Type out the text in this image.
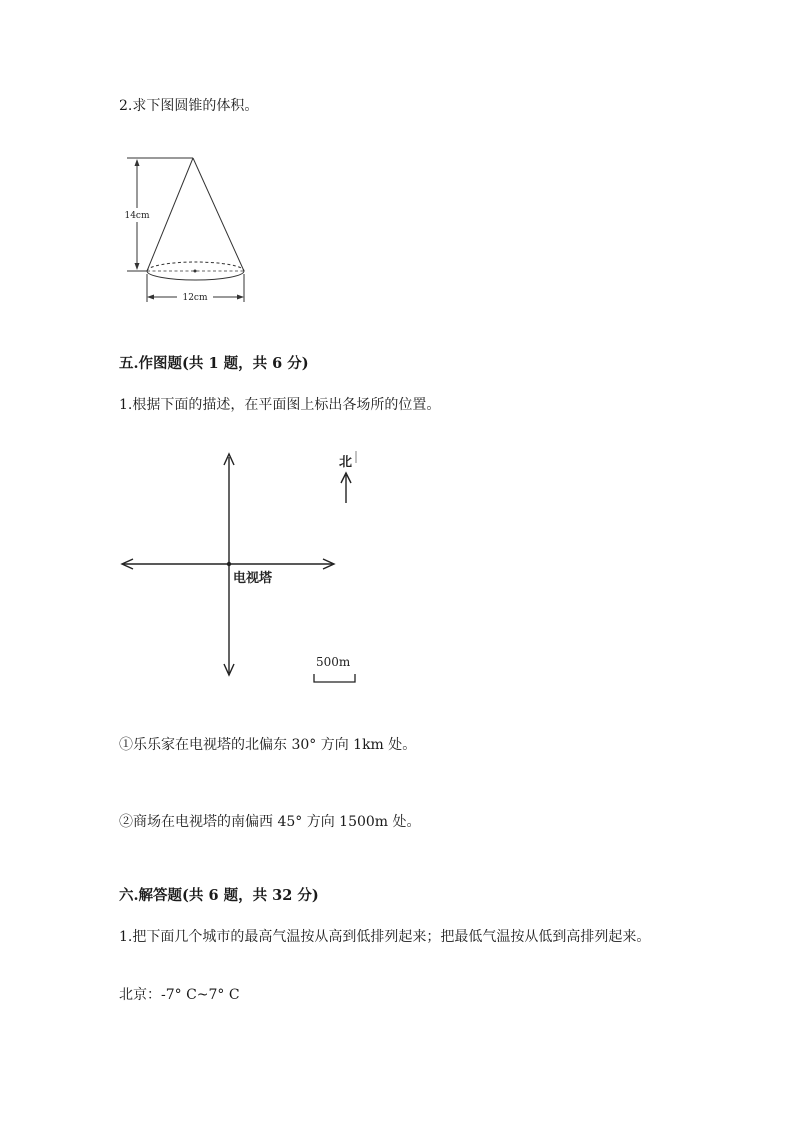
2.求下图圆锥的体积。
14cm
12cm
五.作图题(共 1 题，共 6 分)
1.根据下面的描述，在平面图上标出各场所的位置。
电视塔
北
500m
①乐乐家在电视塔的北偏东 30° 方向 1km 处。
②商场在电视塔的南偏西 45° 方向 1500m 处。
六.解答题(共 6 题，共 32 分)
1.把下面几个城市的最高气温按从高到低排列起来；把最低气温按从低到高排列起来。
北京：-7° C~7° C
